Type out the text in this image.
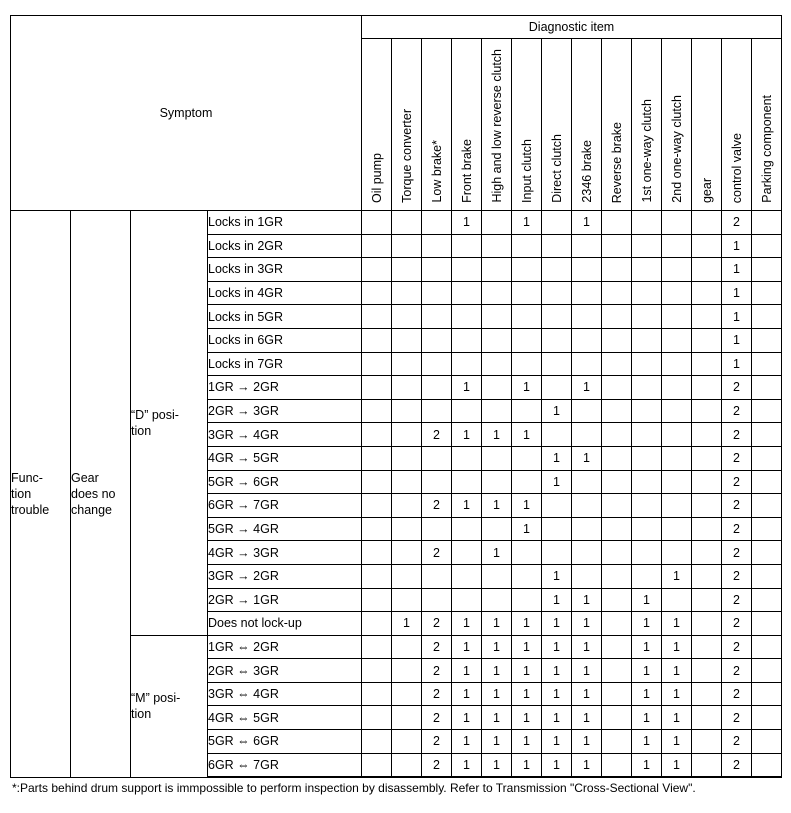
Symptom				Diagnostic item													
				Oil pump	Torque converter	Low brake*	Front brake	High and low reverse clutch	Input clutch	Direct clutch	2346 brake	Reverse brake	1st one-way clutch	2nd one-way clutch	gear	control valve	Parking component

Func-
tion
trouble	Gear
does no
change	“D” posi-
tion	Locks in 1GR				1		1		1					2	
			Locks in 2GR													1	
			Locks in 3GR													1	
			Locks in 4GR													1	
			Locks in 5GR													1	
			Locks in 6GR													1	
			Locks in 7GR													1	
			1GR → 2GR				1		1		1					2	
			2GR → 3GR							1						2	
			3GR → 4GR			2	1	1	1							2	
			4GR → 5GR							1	1					2	
			5GR → 6GR							1						2	
			6GR → 7GR			2	1	1	1							2	
			5GR → 4GR						1							2	
			4GR → 3GR			2		1								2	
			3GR → 2GR							1				1		2	
			2GR → 1GR							1	1		1			2	
			Does not lock-up		1	2	1	1	1	1	1		1	1		2	

		“M” posi-
tion	1GR ⇔ 2GR			2	1	1	1	1	1		1	1		2	
			2GR ⇔ 3GR			2	1	1	1	1	1		1	1		2	
			3GR ⇔ 4GR			2	1	1	1	1	1		1	1		2	
			4GR ⇔ 5GR			2	1	1	1	1	1		1	1		2	
			5GR ⇔ 6GR			2	1	1	1	1	1		1	1		2	
			6GR ⇔ 7GR			2	1	1	1	1	1		1	1		2	
*:Parts behind drum support is immpossible to perform inspection by disassembly. Refer to Transmission "Cross-Sectional View".
